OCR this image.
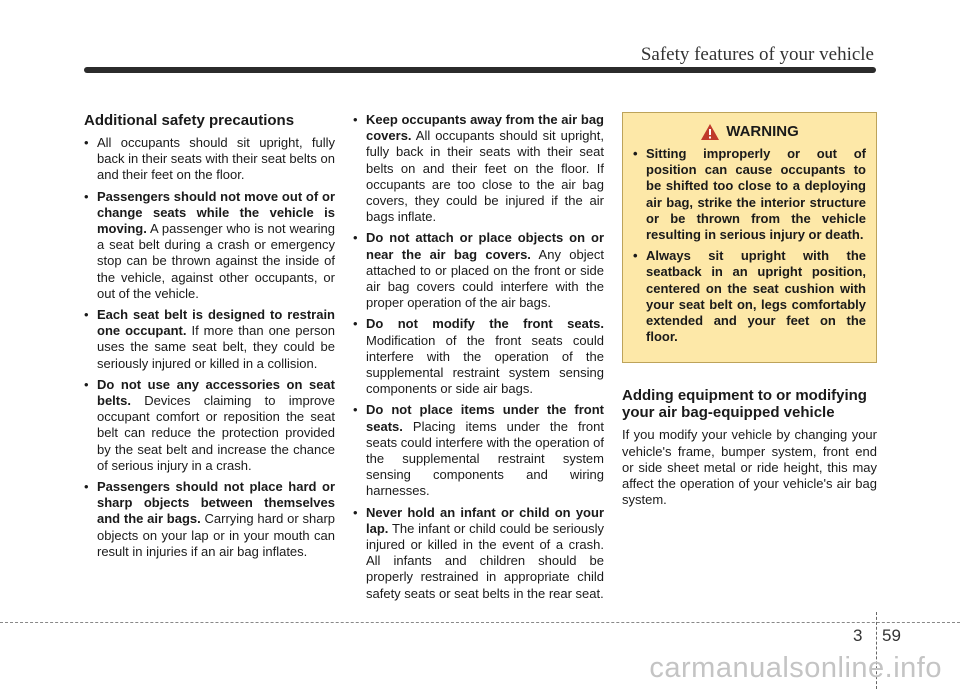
Safety features of your vehicle
Additional safety precautions
• All occupants should sit upright, fully back in their seats with their seat belts on and their feet on the floor.
• Passengers should not move out of or change seats while the vehicle is moving. A passenger who is not wearing a seat belt during a crash or emergency stop can be thrown against the inside of the vehicle, against other occupants, or out of the vehicle.
• Each seat belt is designed to restrain one occupant. If more than one person uses the same seat belt, they could be seriously injured or killed in a collision.
• Do not use any accessories on seat belts. Devices claiming to improve occupant comfort or reposition the seat belt can reduce the protection provided by the seat belt and increase the chance of serious injury in a crash.
• Passengers should not place hard or sharp objects between themselves and the air bags. Carrying hard or sharp objects on your lap or in your mouth can result in injuries if an air bag inflates.
• Keep occupants away from the air bag covers. All occupants should sit upright, fully back in their seats with their seat belts on and their feet on the floor. If occupants are too close to the air bag covers, they could be injured if the air bags inflate.
• Do not attach or place objects on or near the air bag covers. Any object attached to or placed on the front or side air bag covers could interfere with the proper operation of the air bags.
• Do not modify the front seats. Modification of the front seats could interfere with the operation of the supplemental restraint system sensing components or side air bags.
• Do not place items under the front seats. Placing items under the front seats could interfere with the operation of the supplemental restraint system sensing components and wiring harnesses.
• Never hold an infant or child on your lap. The infant or child could be seriously injured or killed in the event of a crash. All infants and children should be properly restrained in appropriate child safety seats or seat belts in the rear seat.
WARNING
• Sitting improperly or out of position can cause occupants to be shifted too close to a deploying air bag, strike the interior structure or be thrown from the vehicle resulting in serious injury or death.
• Always sit upright with the seatback in an upright position, centered on the seat cushion with your seat belt on, legs comfortably extended and your feet on the floor.
Adding equipment to or modifying your air bag-equipped vehicle

If you modify your vehicle by changing your vehicle's frame, bumper system, front end or side sheet metal or ride height, this may affect the operation of your vehicle's air bag system.

3 59
carmanualsonline.info
